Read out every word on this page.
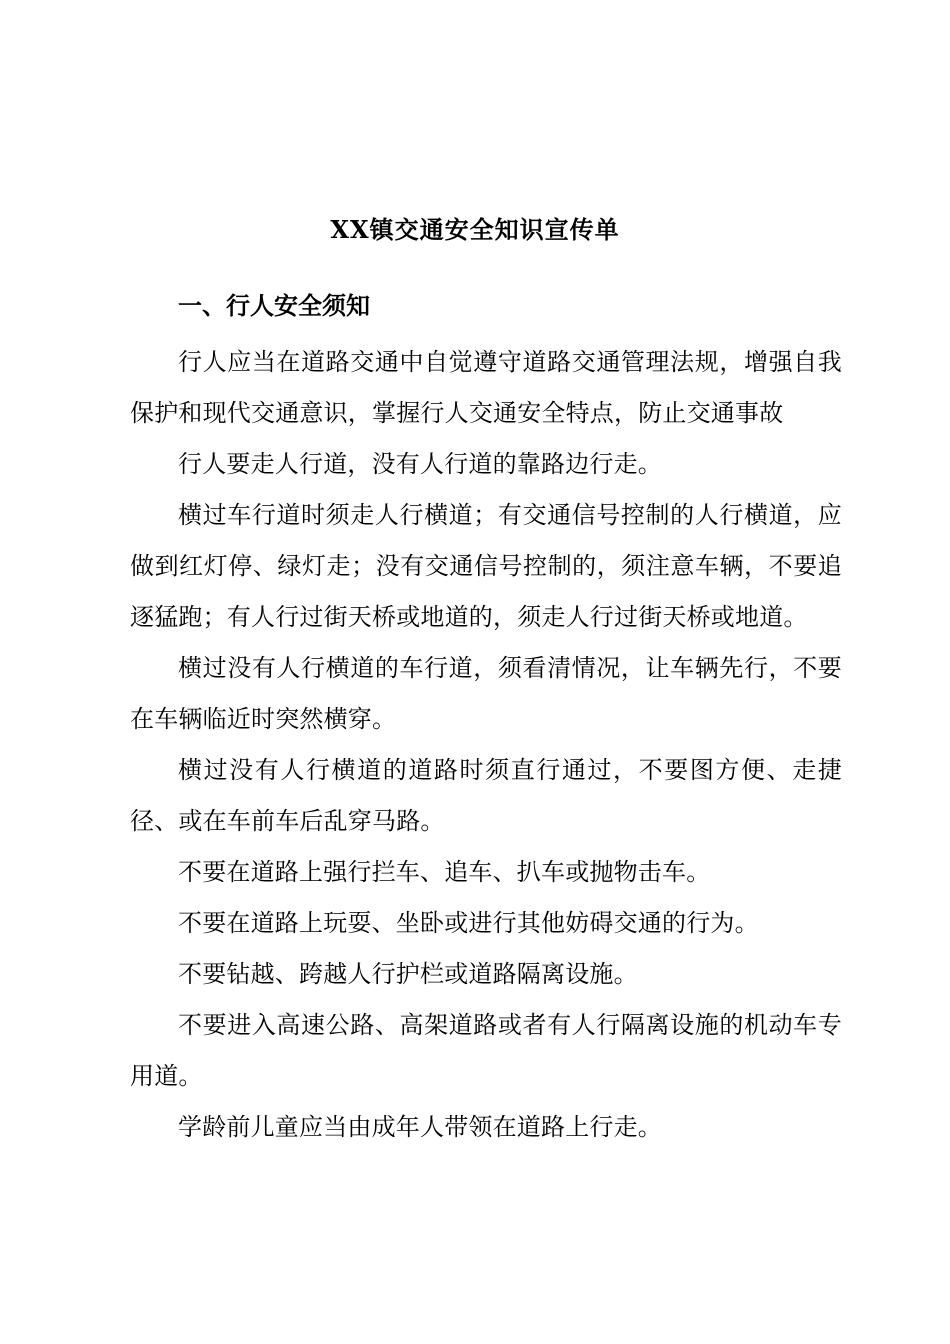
XX镇交通安全知识宣传单

一、行人安全须知

行人应当在道路交通中自觉遵守道路交通管理法规，增强自我保护和现代交通意识，掌握行人交通安全特点，防止交通事故

行人要走人行道，没有人行道的靠路边行走。

横过车行道时须走人行横道；有交通信号控制的人行横道，应做到红灯停、绿灯走；没有交通信号控制的，须注意车辆，不要追逐猛跑；有人行过街天桥或地道的，须走人行过街天桥或地道。

横过没有人行横道的车行道，须看清情况，让车辆先行，不要在车辆临近时突然横穿。

横过没有人行横道的道路时须直行通过，不要图方便、走捷径、或在车前车后乱穿马路。

不要在道路上强行拦车、追车、扒车或抛物击车。

不要在道路上玩耍、坐卧或进行其他妨碍交通的行为。

不要钻越、跨越人行护栏或道路隔离设施。

不要进入高速公路、高架道路或者有人行隔离设施的机动车专用道。

学龄前儿童应当由成年人带领在道路上行走。
